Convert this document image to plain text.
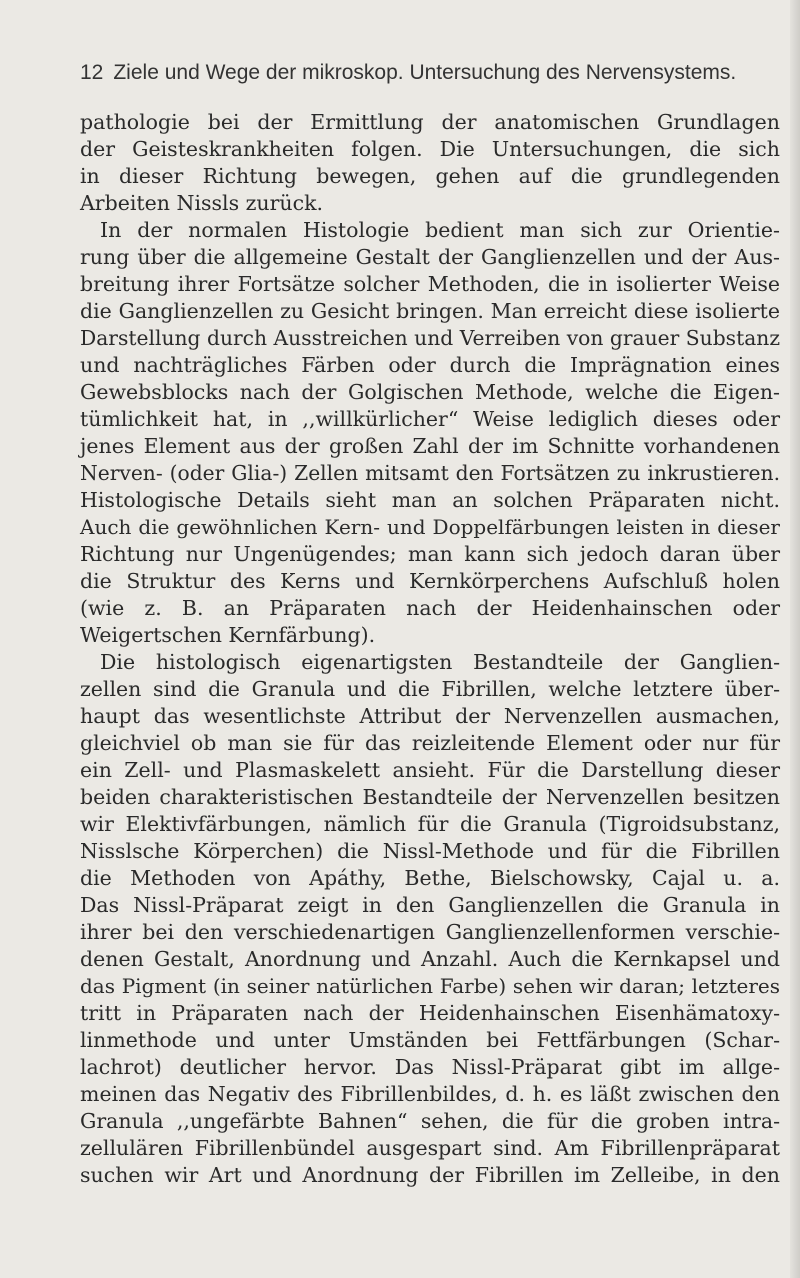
12 Ziele und Wege der mikroskop. Untersuchung des Nervensystems.
pathologie bei der Ermittlung der anatomischen Grundlagen
der Geisteskrankheiten folgen. Die Untersuchungen, die sich
in dieser Richtung bewegen, gehen auf die grundlegenden
Arbeiten Nissls zurück.
In der normalen Histologie bedient man sich zur Orientie-
rung über die allgemeine Gestalt der Ganglienzellen und der Aus-
breitung ihrer Fortsätze solcher Methoden, die in isolierter Weise
die Ganglienzellen zu Gesicht bringen. Man erreicht diese isolierte
Darstellung durch Ausstreichen und Verreiben von grauer Substanz
und nachträgliches Färben oder durch die Imprägnation eines
Gewebsblocks nach der Golgischen Methode, welche die Eigen-
tümlichkeit hat, in ,,willkürlicher“ Weise lediglich dieses oder
jenes Element aus der großen Zahl der im Schnitte vorhandenen
Nerven- (oder Glia-) Zellen mitsamt den Fortsätzen zu inkrustieren.
Histologische Details sieht man an solchen Präparaten nicht.
Auch die gewöhnlichen Kern- und Doppelfärbungen leisten in dieser
Richtung nur Ungenügendes; man kann sich jedoch daran über
die Struktur des Kerns und Kernkörperchens Aufschluß holen
(wie z. B. an Präparaten nach der Heidenhainschen oder
Weigertschen Kernfärbung).
Die histologisch eigenartigsten Bestandteile der Ganglien-
zellen sind die Granula und die Fibrillen, welche letztere über-
haupt das wesentlichste Attribut der Nervenzellen ausmachen,
gleichviel ob man sie für das reizleitende Element oder nur für
ein Zell- und Plasmaskelett ansieht. Für die Darstellung dieser
beiden charakteristischen Bestandteile der Nervenzellen besitzen
wir Elektivfärbungen, nämlich für die Granula (Tigroidsubstanz,
Nisslsche Körperchen) die Nissl-Methode und für die Fibrillen
die Methoden von Apáthy, Bethe, Bielschowsky, Cajal u. a.
Das Nissl-Präparat zeigt in den Ganglienzellen die Granula in
ihrer bei den verschiedenartigen Ganglienzellenformen verschie-
denen Gestalt, Anordnung und Anzahl. Auch die Kernkapsel und
das Pigment (in seiner natürlichen Farbe) sehen wir daran; letzteres
tritt in Präparaten nach der Heidenhainschen Eisenhämatoxy-
linmethode und unter Umständen bei Fettfärbungen (Schar-
lachrot) deutlicher hervor. Das Nissl-Präparat gibt im allge-
meinen das Negativ des Fibrillenbildes, d. h. es läßt zwischen den
Granula ,,ungefärbte Bahnen“ sehen, die für die groben intra-
zellulären Fibrillenbündel ausgespart sind. Am Fibrillenpräparat
suchen wir Art und Anordnung der Fibrillen im Zelleibe, in den
